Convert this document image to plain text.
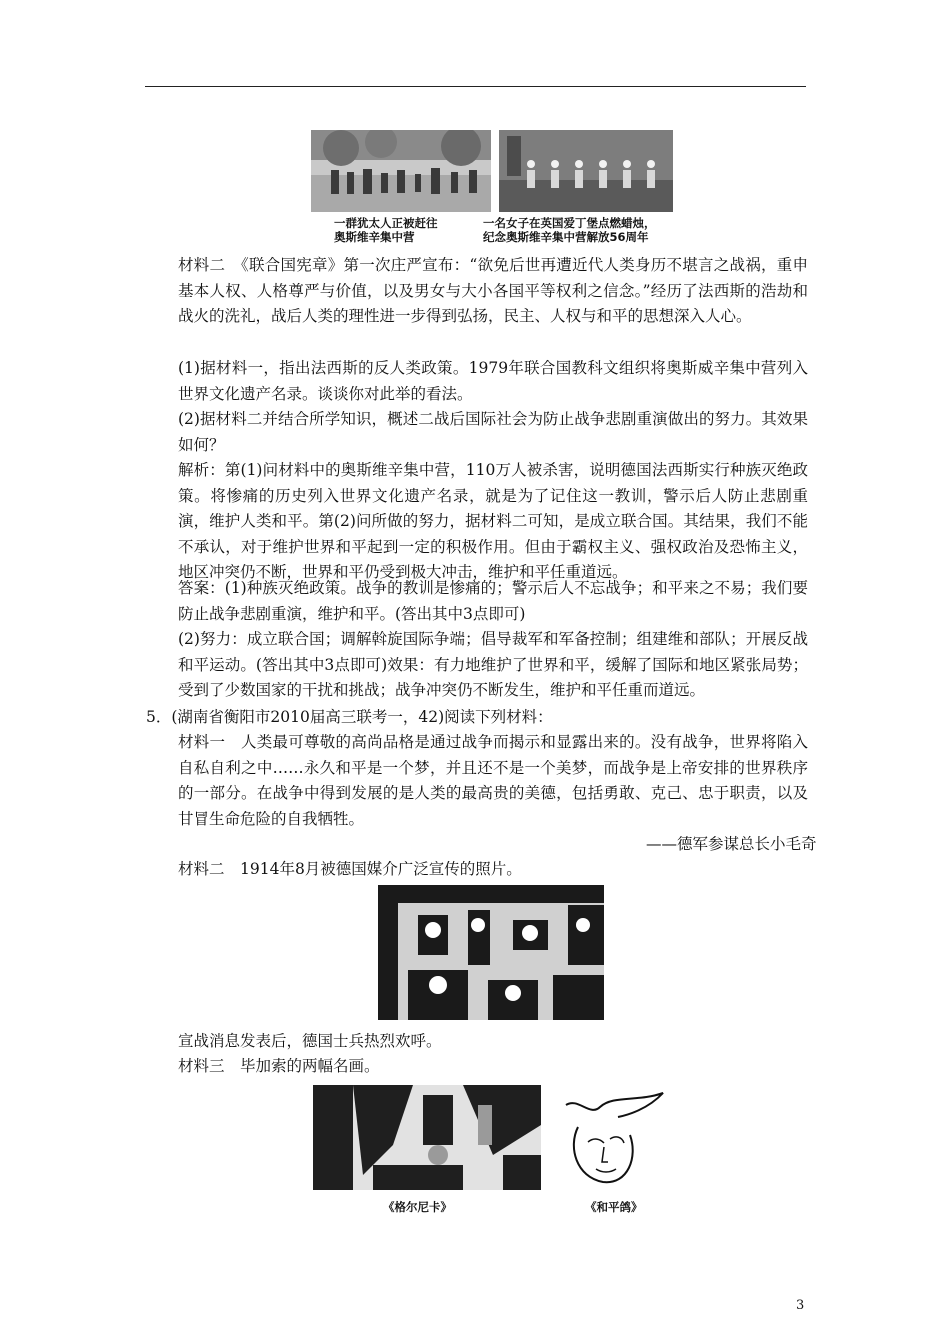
一群犹太人正被赶往
奥斯维辛集中营
一名女子在英国爱丁堡点燃蜡烛，
纪念奥斯维辛集中营解放56周年
材料二　《联合国宪章》第一次庄严宣布：“欲免后世再遭近代人类身历不堪言之战祸，重申基本人权、人格尊严与价值，以及男女与大小各国平等权利之信念。”经历了法西斯的浩劫和战火的洗礼，战后人类的理性进一步得到弘扬，民主、人权与和平的思想深入人心。
(1)据材料一，指出法西斯的反人类政策。1979年联合国教科文组织将奥斯威辛集中营列入世界文化遗产名录。谈谈你对此举的看法。
(2)据材料二并结合所学知识，概述二战后国际社会为防止战争悲剧重演做出的努力。其效果如何？
解析：第(1)问材料中的奥斯维辛集中营，110万人被杀害，说明德国法西斯实行种族灭绝政策。将惨痛的历史列入世界文化遗产名录，就是为了记住这一教训，警示后人防止悲剧重演，维护人类和平。第(2)问所做的努力，据材料二可知，是成立联合国。其结果，我们不能不承认，对于维护世界和平起到一定的积极作用。但由于霸权主义、强权政治及恐怖主义，地区冲突仍不断，世界和平仍受到极大冲击，维护和平任重道远。
答案：(1)种族灭绝政策。战争的教训是惨痛的；警示后人不忘战争；和平来之不易；我们要防止战争悲剧重演，维护和平。(答出其中3点即可)
(2)努力：成立联合国；调解斡旋国际争端；倡导裁军和军备控制；组建维和部队；开展反战和平运动。(答出其中3点即可)效果：有力地维护了世界和平，缓解了国际和地区紧张局势；受到了少数国家的干扰和挑战；战争冲突仍不断发生，维护和平任重而道远。
5．(湖南省衡阳市2010届高三联考一，42)阅读下列材料：
材料一　人类最可尊敬的高尚品格是通过战争而揭示和显露出来的。没有战争，世界将陷入自私自利之中……永久和平是一个梦，并且还不是一个美梦，而战争是上帝安排的世界秩序的一部分。在战争中得到发展的是人类的最高贵的美德，包括勇敢、克己、忠于职责，以及甘冒生命危险的自我牺牲。
——德军参谋总长小毛奇
材料二　1914年8月被德国媒介广泛宣传的照片。
宣战消息发表后，德国士兵热烈欢呼。
材料三　毕加索的两幅名画。
《格尔尼卡》	《和平鸽》
3
